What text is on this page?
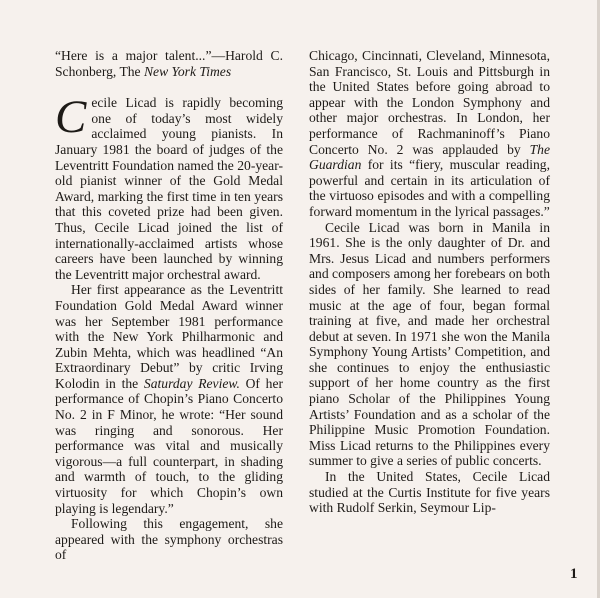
“Here is a major talent...”—Harold C. Schonberg, The New York Times

Cecile Licad is rapidly becoming one of today’s most widely acclaimed young pianists. In January 1981 the board of judges of the Leventritt Foundation named the 20-year-old pianist winner of the Gold Medal Award, marking the first time in ten years that this coveted prize had been given. Thus, Cecile Licad joined the list of internationally-acclaimed artists whose careers have been launched by winning the Leventritt major orchestral award.

Her first appearance as the Leventritt Foundation Gold Medal Award winner was her September 1981 performance with the New York Philharmonic and Zubin Mehta, which was headlined “An Extraordinary Debut” by critic Irving Kolodin in the Saturday Review. Of her performance of Chopin’s Piano Concerto No. 2 in F Minor, he wrote: “Her sound was ringing and sonorous. Her performance was vital and musically vigorous—a full counterpart, in shading and warmth of touch, to the gliding virtuosity for which Chopin’s own playing is legendary.”

Following this engagement, she appeared with the symphony orchestras of

Chicago, Cincinnati, Cleveland, Minnesota, San Francisco, St. Louis and Pittsburgh in the United States before going abroad to appear with the London Symphony and other major orchestras. In London, her performance of Rachmaninoff’s Piano Concerto No. 2 was applauded by The Guardian for its “fiery, muscular reading, powerful and certain in its articulation of the virtuoso episodes and with a compelling forward momentum in the lyrical passages.”

Cecile Licad was born in Manila in 1961. She is the only daughter of Dr. and Mrs. Jesus Licad and numbers performers and composers among her forebears on both sides of her family. She learned to read music at the age of four, began formal training at five, and made her orchestral debut at seven. In 1971 she won the Manila Symphony Young Artists’ Competition, and she continues to enjoy the enthusiastic support of her home country as the first piano Scholar of the Philippines Young Artists’ Foundation and as a scholar of the Philippine Music Promotion Foundation. Miss Licad returns to the Philippines every summer to give a series of public concerts.

In the United States, Cecile Licad studied at the Curtis Institute for five years with Rudolf Serkin, Seymour Lip-

1
